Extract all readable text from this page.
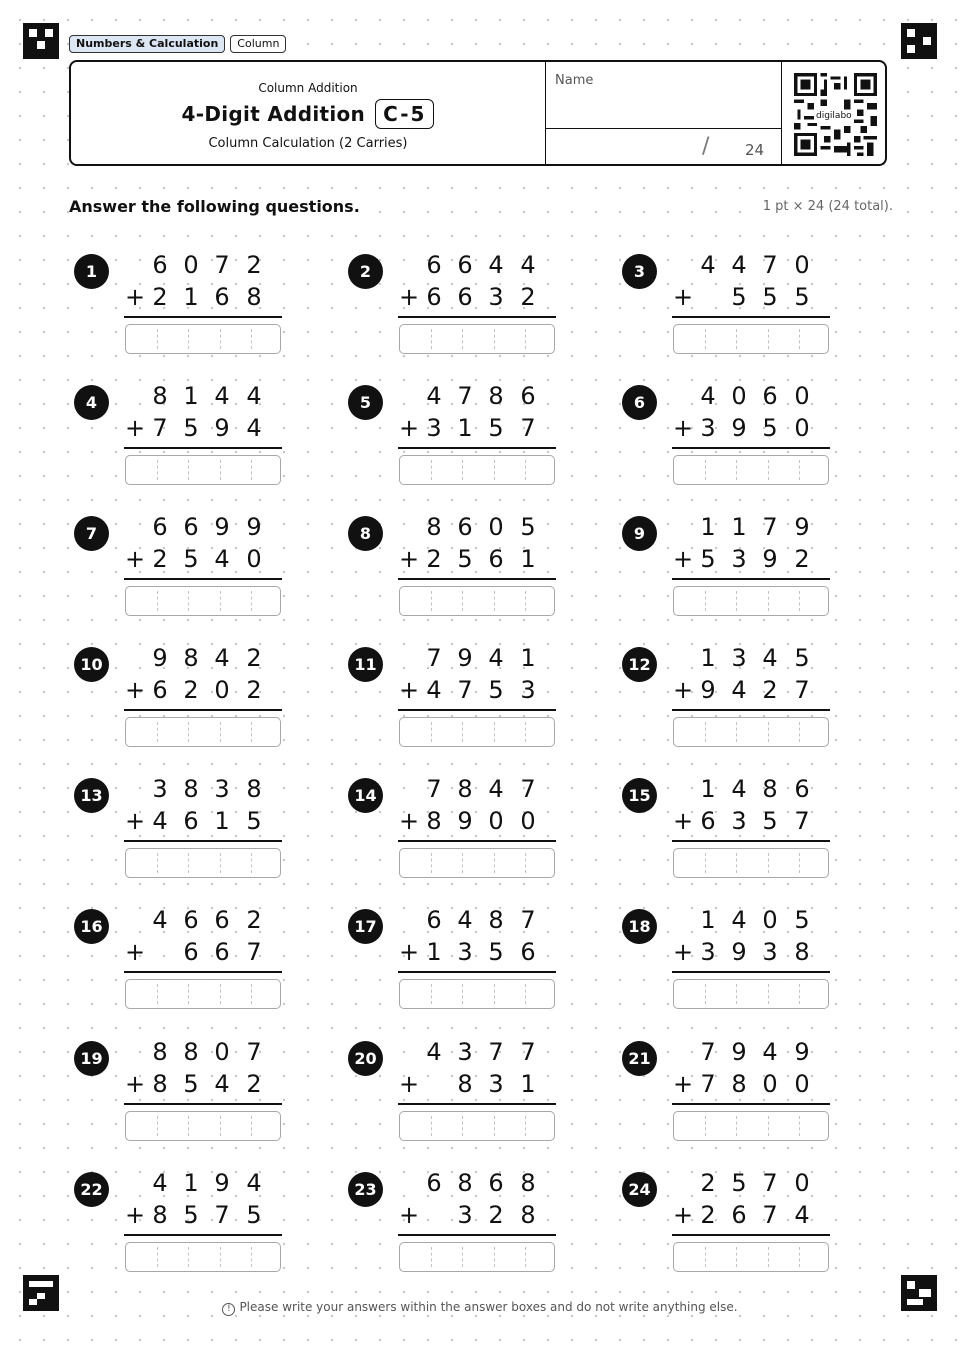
Numbers & Calculation	Column
Column Addition
4-Digit Addition C-5
Column Calculation (2 Carries)
Name
/ 24
digilabo
Answer the following questions.	1 pt × 24 (24 total).
1	6 0 7 2
+ 2 1 6 8
2	6 6 4 4
+ 6 6 3 2
3	4 4 7 0
+	5 5 5
4	8 1 4 4
+ 7 5 9 4
5	4 7 8 6
+ 3 1 5 7
6	4 0 6 0
+ 3 9 5 0
7	6 6 9 9
+ 2 5 4 0
8	8 6 0 5
+ 2 5 6 1
9	1 1 7 9
+ 5 3 9 2
10	9 8 4 2
+ 6 2 0 2
11	7 9 4 1
+ 4 7 5 3
12	1 3 4 5
+ 9 4 2 7
13	3 8 3 8
+ 4 6 1 5
14	7 8 4 7
+ 8 9 0 0
15	1 4 8 6
+ 6 3 5 7
16	4 6 6 2
+	6 6 7
17	6 4 8 7
+ 1 3 5 6
18	1 4 0 5
+ 3 9 3 8
19	8 8 0 7
+ 8 5 4 2
20	4 3 7 7
+	8 3 1
21	7 9 4 9
+ 7 8 0 0
22	4 1 9 4
+ 8 5 7 5
23	6 8 6 8
+	3 2 8
24	2 5 7 0
+ 2 6 7 4
! Please write your answers within the answer boxes and do not write anything else.
